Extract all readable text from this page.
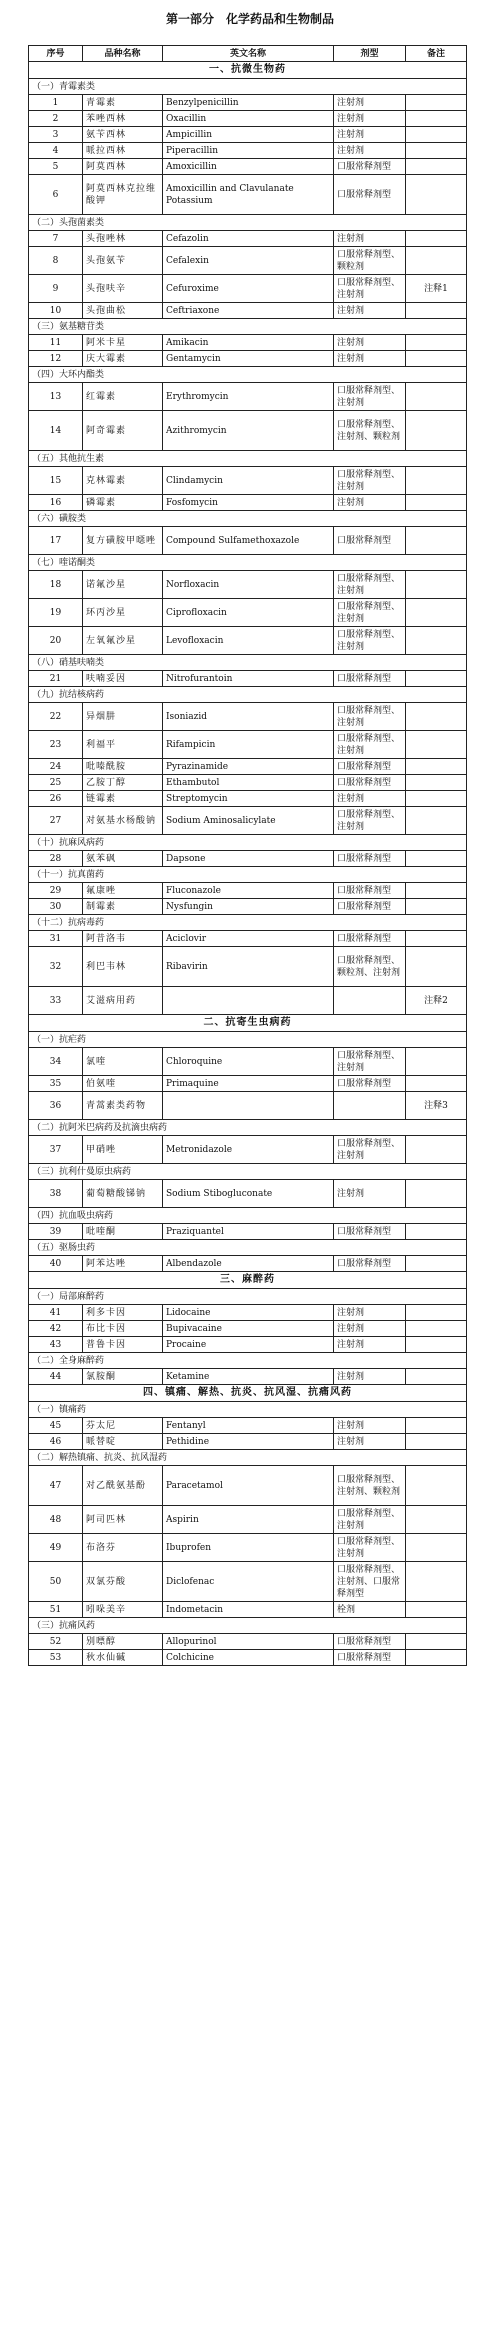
第一部分　化学药品和生物制品
序号	品种名称	英文名称	剂型	备注
一、抗微生物药				
（一）青霉素类				
1	青霉素	Benzylpenicillin	注射剂	
2	苯唑西林	Oxacillin	注射剂	
3	氨苄西林	Ampicillin	注射剂	
4	哌拉西林	Piperacillin	注射剂	
5	阿莫西林	Amoxicillin	口服常释剂型	
6	阿莫西林克拉维酸钾	Amoxicillin and Clavulanate Potassium	口服常释剂型	
（二）头孢菌素类				
7	头孢唑林	Cefazolin	注射剂	
8	头孢氨苄	Cefalexin	口服常释剂型、颗粒剂	
9	头孢呋辛	Cefuroxime	口服常释剂型、注射剂	注释1
10	头孢曲松	Ceftriaxone	注射剂	
（三）氨基糖苷类				
11	阿米卡星	Amikacin	注射剂	
12	庆大霉素	Gentamycin	注射剂	
（四）大环内酯类				
13	红霉素	Erythromycin	口服常释剂型、注射剂	
14	阿奇霉素	Azithromycin	口服常释剂型、注射剂、颗粒剂	
（五）其他抗生素				
15	克林霉素	Clindamycin	口服常释剂型、注射剂	
16	磷霉素	Fosfomycin	注射剂	
（六）磺胺类				
17	复方磺胺甲噁唑	Compound Sulfamethoxazole	口服常释剂型	
（七）喹诺酮类				
18	诺氟沙星	Norfloxacin	口服常释剂型、注射剂	
19	环丙沙星	Ciprofloxacin	口服常释剂型、注射剂	
20	左氧氟沙星	Levofloxacin	口服常释剂型、注射剂	
（八）硝基呋喃类				
21	呋喃妥因	Nitrofurantoin	口服常释剂型	
（九）抗结核病药				
22	异烟肼	Isoniazid	口服常释剂型、注射剂	
23	利福平	Rifampicin	口服常释剂型、注射剂	
24	吡嗪酰胺	Pyrazinamide	口服常释剂型	
25	乙胺丁醇	Ethambutol	口服常释剂型	
26	链霉素	Streptomycin	注射剂	
27	对氨基水杨酸钠	Sodium Aminosalicylate	口服常释剂型、注射剂	
（十）抗麻风病药				
28	氨苯砜	Dapsone	口服常释剂型	
（十一）抗真菌药				
29	氟康唑	Fluconazole	口服常释剂型	
30	制霉素	Nysfungin	口服常释剂型	
（十二）抗病毒药				
31	阿昔洛韦	Aciclovir	口服常释剂型	
32	利巴韦林	Ribavirin	口服常释剂型、颗粒剂、注射剂	
33	艾滋病用药			注释2
二、抗寄生虫病药				
（一）抗疟药				
34	氯喹	Chloroquine	口服常释剂型、注射剂	
35	伯氨喹	Primaquine	口服常释剂型	
36	青蒿素类药物			注释3
（二）抗阿米巴病药及抗滴虫病药				
37	甲硝唑	Metronidazole	口服常释剂型、注射剂	
（三）抗利什曼原虫病药				
38	葡萄糖酸锑钠	Sodium Stibogluconate	注射剂	
（四）抗血吸虫病药				
39	吡喹酮	Praziquantel	口服常释剂型	
（五）驱肠虫药				
40	阿苯达唑	Albendazole	口服常释剂型	
三、麻醉药				
（一）局部麻醉药				
41	利多卡因	Lidocaine	注射剂	
42	布比卡因	Bupivacaine	注射剂	
43	普鲁卡因	Procaine	注射剂	
（二）全身麻醉药				
44	氯胺酮	Ketamine	注射剂	
四、镇痛、解热、抗炎、抗风湿、抗痛风药				
（一）镇痛药				
45	芬太尼	Fentanyl	注射剂	
46	哌替啶	Pethidine	注射剂	
（二）解热镇痛、抗炎、抗风湿药				
47	对乙酰氨基酚	Paracetamol	口服常释剂型、注射剂、颗粒剂	
48	阿司匹林	Aspirin	口服常释剂型、注射剂	
49	布洛芬	Ibuprofen	口服常释剂型、注射剂	
50	双氯芬酸	Diclofenac	口服常释剂型、注射剂、口服常释剂型	
51	吲哚美辛	Indometacin	栓剂	
（三）抗痛风药				
52	别嘌醇	Allopurinol	口服常释剂型	
53	秋水仙碱	Colchicine	口服常释剂型	
